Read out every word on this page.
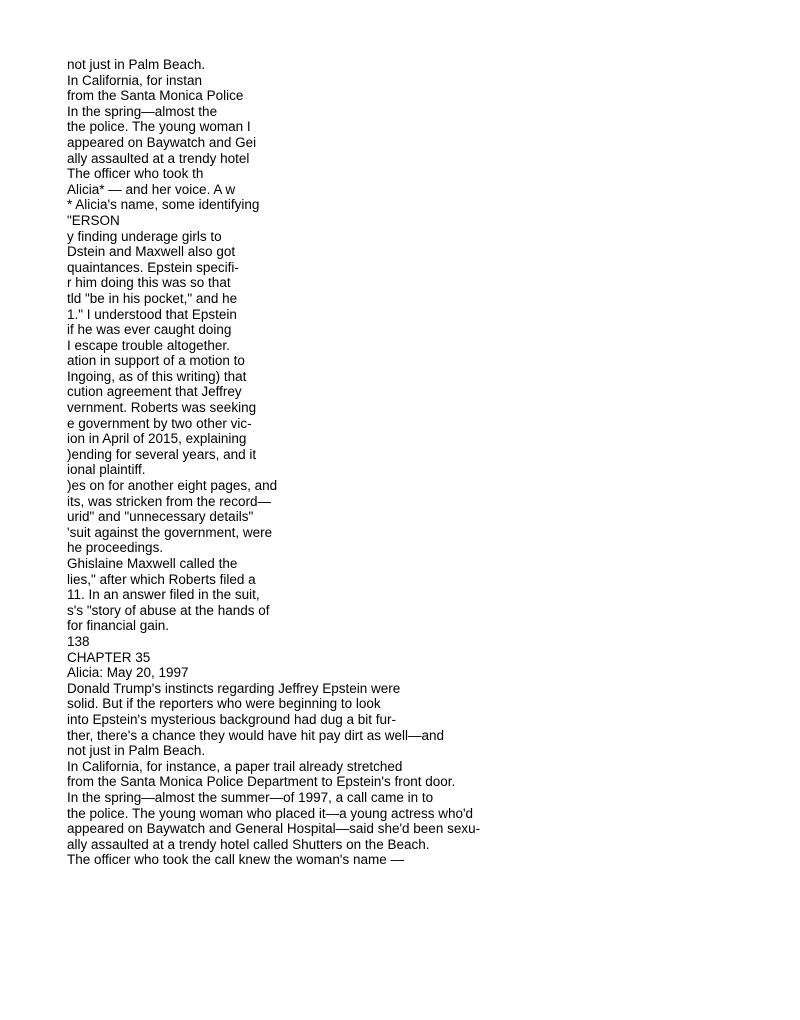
not just in Palm Beach.
In California, for instan
from the Santa Monica Police
In the spring—almost the
the police. The young woman I
appeared on Baywatch and Gei
ally assaulted at a trendy hotel
The officer who took th
Alicia* — and her voice. A w
* Alicia's name, some identifying
"ERSON
y finding underage girls to
Dstein and Maxwell also got
quaintances. Epstein specifi-
r him doing this was so that
tld "be in his pocket," and he
1." I understood that Epstein
if he was ever caught doing
I escape trouble altogether.
ation in support of a motion to
Ingoing, as of this writing) that
cution agreement that Jeffrey
vernment. Roberts was seeking
e government by two other vic-
ion in April of 2015, explaining
)ending for several years, and it
ional plaintiff.
)es on for another eight pages, and
its, was stricken from the record—
urid" and "unnecessary details"
'suit against the government, were
he proceedings.
Ghislaine Maxwell called the
lies," after which Roberts filed a
11. In an answer filed in the suit,
s's "story of abuse at the hands of
for financial gain.
138
CHAPTER 35
Alicia: May 20, 1997
Donald Trump's instincts regarding Jeffrey Epstein were
solid. But if the reporters who were beginning to look
into Epstein's mysterious background had dug a bit fur-
ther, there's a chance they would have hit pay dirt as well—and
not just in Palm Beach.
In California, for instance, a paper trail already stretched
from the Santa Monica Police Department to Epstein's front door.
In the spring—almost the summer—of 1997, a call came in to
the police. The young woman who placed it—a young actress who'd
appeared on Baywatch and General Hospital—said she'd been sexu-
ally assaulted at a trendy hotel called Shutters on the Beach.
The officer who took the call knew the woman's name —
